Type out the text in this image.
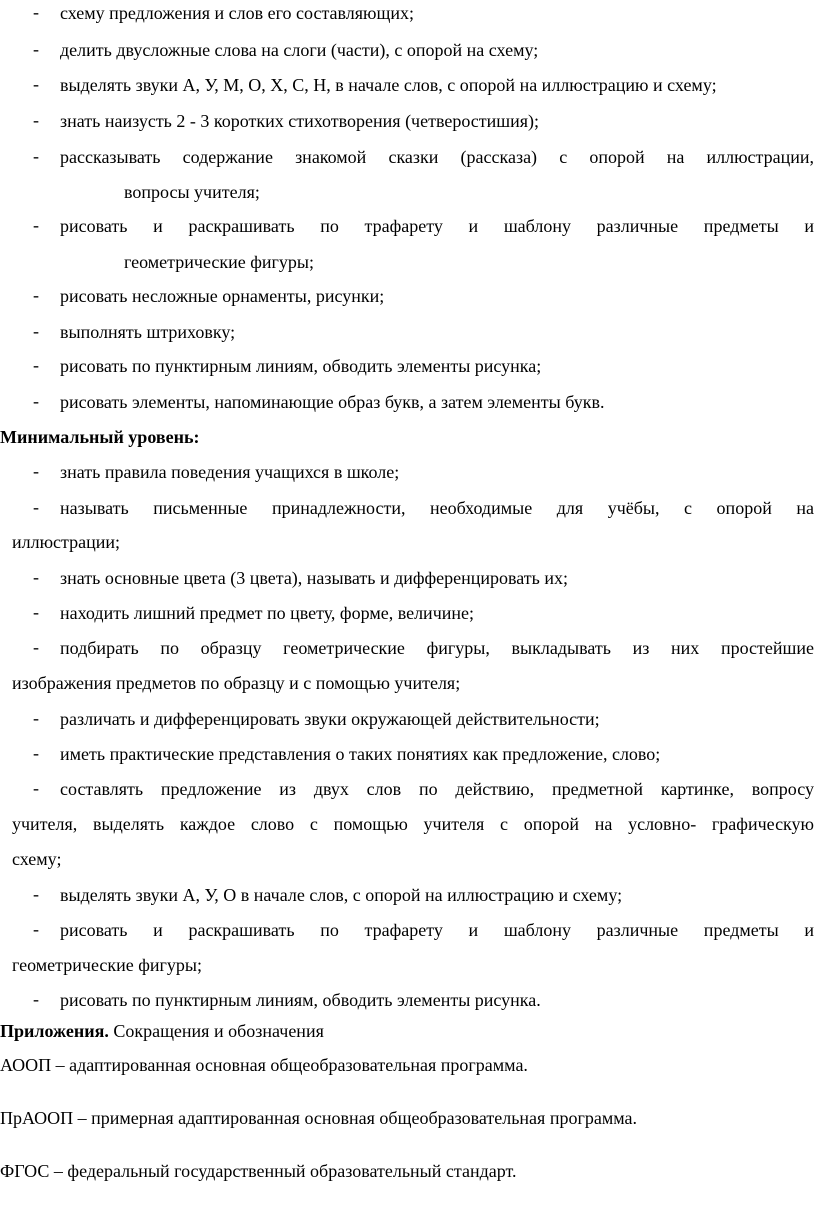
- схему предложения и слов его составляющих;
- делить двусложные слова на слоги (части), с опорой на схему;
- выделять звуки А, У, М, О, Х, С, Н, в начале слов, с опорой на иллюстрацию и схему;
- знать наизусть 2 - 3 коротких стихотворения (четверостишия);
- рассказывать содержание знакомой сказки (рассказа) с опорой на иллюстрации,
вопросы учителя;
- рисовать и раскрашивать по трафарету и шаблону различные предметы и
геометрические фигуры;
- рисовать несложные орнаменты, рисунки;
- выполнять штриховку;
- рисовать по пунктирным линиям, обводить элементы рисунка;
- рисовать элементы, напоминающие образ букв, а затем элементы букв.
Минимальный уровень:
- знать правила поведения учащихся в школе;
- называть письменные принадлежности, необходимые для учёбы, с опорой на
иллюстрации;
- знать основные цвета (3 цвета), называть и дифференцировать их;
- находить лишний предмет по цвету, форме, величине;
- подбирать по образцу геометрические фигуры, выкладывать из них простейшие
изображения предметов по образцу и с помощью учителя;
- различать и дифференцировать звуки окружающей действительности;
- иметь практические представления о таких понятиях как предложение, слово;
- составлять предложение из двух слов по действию, предметной картинке, вопросу
учителя, выделять каждое слово с помощью учителя с опорой на условно- графическую
схему;
- выделять звуки А, У, О в начале слов, с опорой на иллюстрацию и схему;
- рисовать и раскрашивать по трафарету и шаблону различные предметы и
геометрические фигуры;
- рисовать по пунктирным линиям, обводить элементы рисунка.
Приложения. Сокращения и обозначения
АООП – адаптированная основная общеобразовательная программа.
ПрАООП – примерная адаптированная основная общеобразовательная программа.
ФГОС – федеральный государственный образовательный стандарт.
